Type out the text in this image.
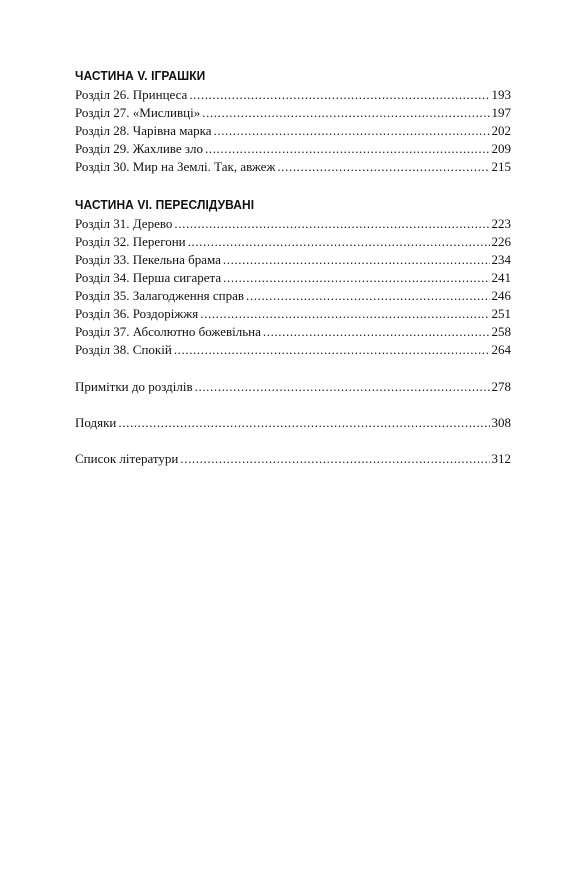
ЧАСТИНА V. ІГРАШКИ
Розділ 26. Принцеса .....	193
Розділ 27. «Мисливці» .....	197
Розділ 28. Чарівна марка .....	202
Розділ 29. Жахливе зло .....	209
Розділ 30. Мир на Землі. Так, авжеж .....	215
ЧАСТИНА VI. ПЕРЕСЛІДУВАНІ
Розділ 31. Дерево .....	223
Розділ 32. Перегони .....	226
Розділ 33. Пекельна брама .....	234
Розділ 34. Перша сигарета .....	241
Розділ 35. Залагодження справ .....	246
Розділ 36. Роздоріжжя .....	251
Розділ 37. Абсолютно божевільна .....	258
Розділ 38. Спокій .....	264
Примітки до розділів .....	278
Подяки .....	308
Список літератури .....	312
